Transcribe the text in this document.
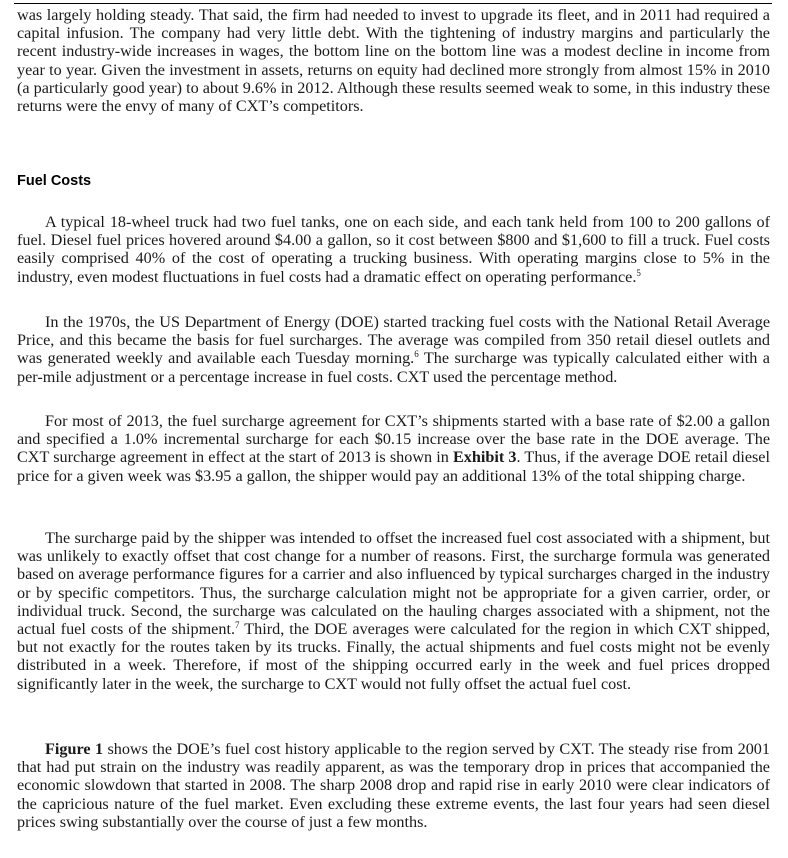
was largely holding steady. That said, the firm had needed to invest to upgrade its fleet, and in 2011 had required a capital infusion. The company had very little debt. With the tightening of industry margins and particularly the recent industry-wide increases in wages, the bottom line on the bottom line was a modest decline in income from year to year. Given the investment in assets, returns on equity had declined more strongly from almost 15% in 2010 (a particularly good year) to about 9.6% in 2012. Although these results seemed weak to some, in this industry these returns were the envy of many of CXT’s competitors.

Fuel Costs

A typical 18-wheel truck had two fuel tanks, one on each side, and each tank held from 100 to 200 gallons of fuel. Diesel fuel prices hovered around $4.00 a gallon, so it cost between $800 and $1,600 to fill a truck. Fuel costs easily comprised 40% of the cost of operating a trucking business. With operating margins close to 5% in the industry, even modest fluctuations in fuel costs had a dramatic effect on operating performance.$^5$

In the 1970s, the US Department of Energy (DOE) started tracking fuel costs with the National Retail Average Price, and this became the basis for fuel surcharges. The average was compiled from 350 retail diesel outlets and was generated weekly and available each Tuesday morning.$^6$ The surcharge was typically calculated either with a per-mile adjustment or a percentage increase in fuel costs. CXT used the percentage method.

For most of 2013, the fuel surcharge agreement for CXT’s shipments started with a base rate of $2.00 a gallon and specified a 1.0% incremental surcharge for each $0.15 increase over the base rate in the DOE average. The CXT surcharge agreement in effect at the start of 2013 is shown in Exhibit 3. Thus, if the average DOE retail diesel price for a given week was $3.95 a gallon, the shipper would pay an additional 13% of the total shipping charge.

The surcharge paid by the shipper was intended to offset the increased fuel cost associated with a shipment, but was unlikely to exactly offset that cost change for a number of reasons. First, the surcharge formula was generated based on average performance figures for a carrier and also influenced by typical surcharges charged in the industry or by specific competitors. Thus, the surcharge calculation might not be appropriate for a given carrier, order, or individual truck. Second, the surcharge was calculated on the hauling charges associated with a shipment, not the actual fuel costs of the shipment.$^7$ Third, the DOE averages were calculated for the region in which CXT shipped, but not exactly for the routes taken by its trucks. Finally, the actual shipments and fuel costs might not be evenly distributed in a week. Therefore, if most of the shipping occurred early in the week and fuel prices dropped significantly later in the week, the surcharge to CXT would not fully offset the actual fuel cost.

Figure 1 shows the DOE’s fuel cost history applicable to the region served by CXT. The steady rise from 2001 that had put strain on the industry was readily apparent, as was the temporary drop in prices that accompanied the economic slowdown that started in 2008. The sharp 2008 drop and rapid rise in early 2010 were clear indicators of the capricious nature of the fuel market. Even excluding these extreme events, the last four years had seen diesel prices swing substantially over the course of just a few months.
